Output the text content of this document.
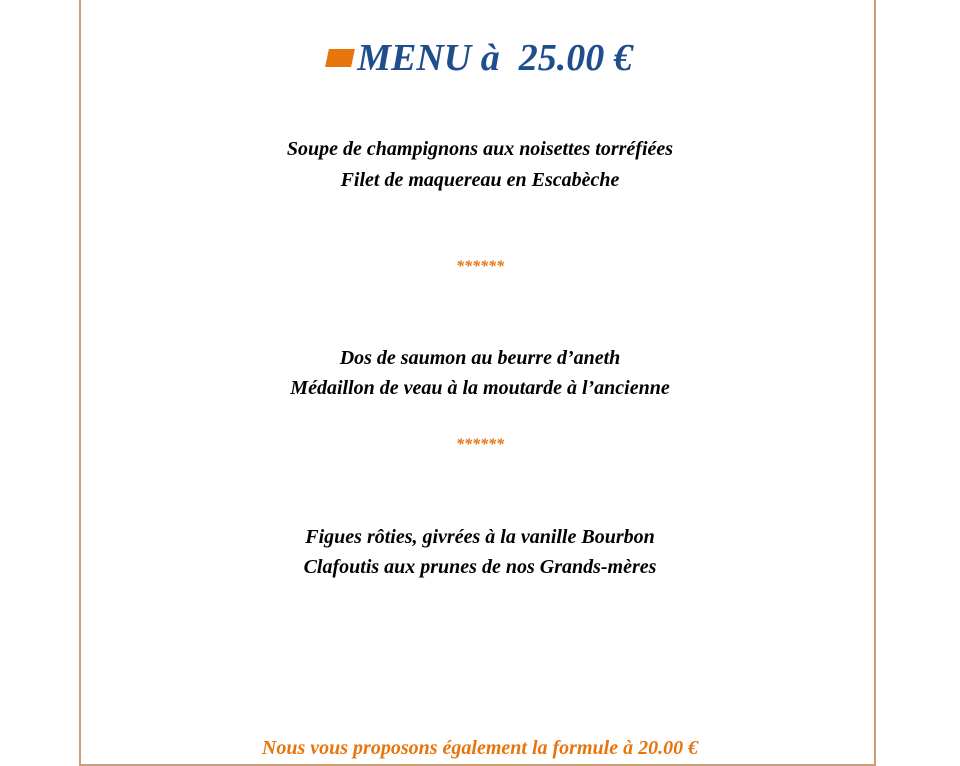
MENU à  25.00 €
Soupe de champignons aux noisettes torréfiées
Filet de maquereau en Escabèche
******
Dos de saumon au beurre d’aneth
Médaillon de veau à la moutarde à l’ancienne
******
Figues rôties, givrées à la vanille Bourbon
Clafoutis aux prunes de nos Grands-mères
Nous vous proposons également la formule à 20.00 €
